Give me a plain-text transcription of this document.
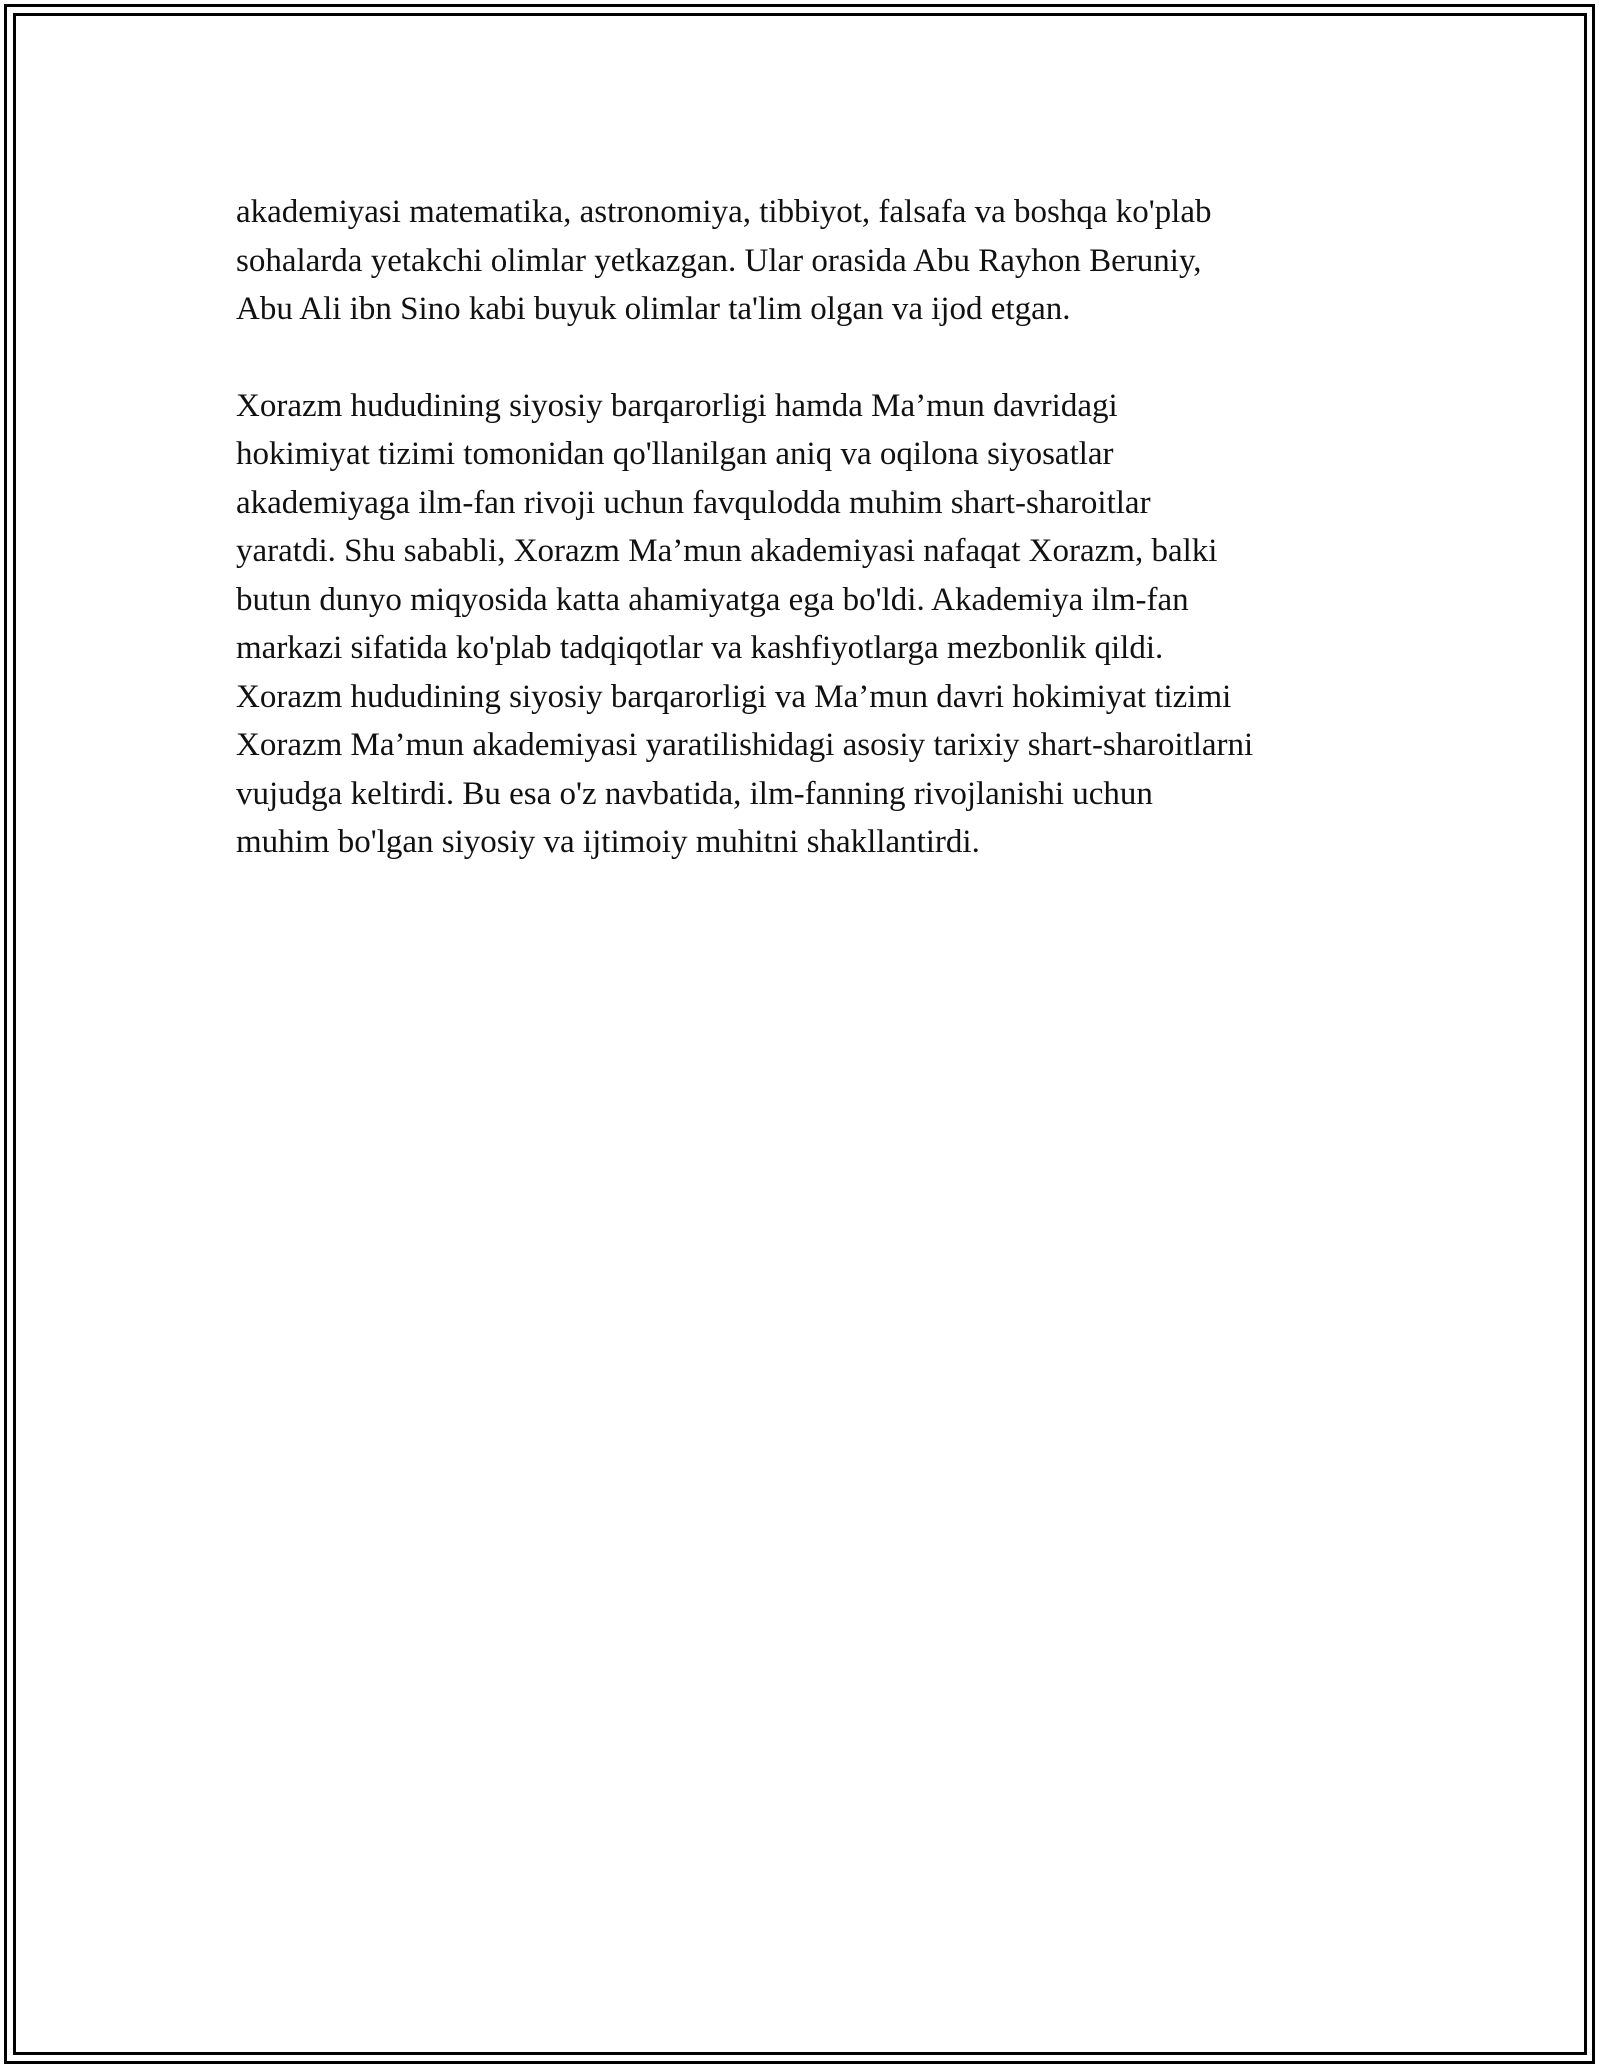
akademiyasi matematika, astronomiya, tibbiyot, falsafa va boshqa ko'plab
sohalarda yetakchi olimlar yetkazgan. Ular orasida Abu Rayhon Beruniy,
Abu Ali ibn Sino kabi buyuk olimlar ta'lim olgan va ijod etgan.

Xorazm hududining siyosiy barqarorligi hamda Ma’mun davridagi
hokimiyat tizimi tomonidan qo'llanilgan aniq va oqilona siyosatlar
akademiyaga ilm-fan rivoji uchun favqulodda muhim shart-sharoitlar
yaratdi. Shu sababli, Xorazm Ma’mun akademiyasi nafaqat Xorazm, balki
butun dunyo miqyosida katta ahamiyatga ega bo'ldi. Akademiya ilm-fan
markazi sifatida ko'plab tadqiqotlar va kashfiyotlarga mezbonlik qildi.
Xorazm hududining siyosiy barqarorligi va Ma’mun davri hokimiyat tizimi
Xorazm Ma’mun akademiyasi yaratilishidagi asosiy tarixiy shart-sharoitlarni
vujudga keltirdi. Bu esa o'z navbatida, ilm-fanning rivojlanishi uchun
muhim bo'lgan siyosiy va ijtimoiy muhitni shakllantirdi.
